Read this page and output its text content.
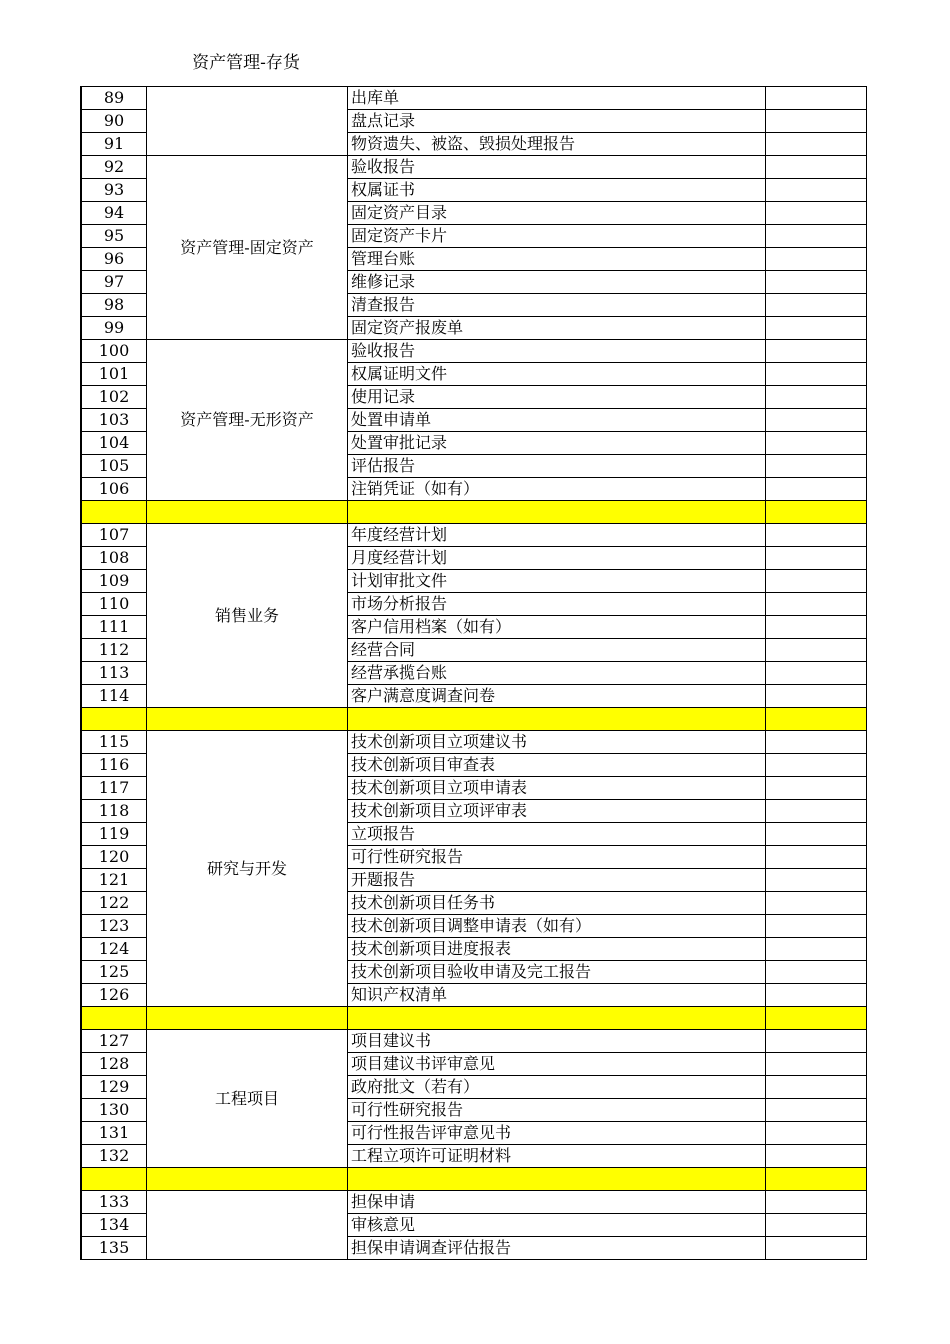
资产管理-存货
89		出库单	
90		盘点记录	
91		物资遗失、被盗、毁损处理报告	
92	资产管理-固定资产	验收报告	
93		权属证书	
94		固定资产目录	
95		固定资产卡片	
96		管理台账	
97		维修记录	
98		清查报告	
99		固定资产报废单	
100	资产管理-无形资产	验收报告	
101		权属证明文件	
102		使用记录	
103		处置申请单	
104		处置审批记录	
105		评估报告	
106		注销凭证（如有）	

107	销售业务	年度经营计划	
108		月度经营计划	
109		计划审批文件	
110		市场分析报告	
111		客户信用档案（如有）	
112		经营合同	
113		经营承揽台账	
114		客户满意度调查问卷	

115	研究与开发	技术创新项目立项建议书	
116		技术创新项目审查表	
117		技术创新项目立项申请表	
118		技术创新项目立项评审表	
119		立项报告	
120		可行性研究报告	
121		开题报告	
122		技术创新项目任务书	
123		技术创新项目调整申请表（如有）	
124		技术创新项目进度报表	
125		技术创新项目验收申请及完工报告	
126		知识产权清单	

127	工程项目	项目建议书	
128		项目建议书评审意见	
129		政府批文（若有）	
130		可行性研究报告	
131		可行性报告评审意见书	
132		工程立项许可证明材料	

133		担保申请	
134		审核意见	
135		担保申请调查评估报告	
